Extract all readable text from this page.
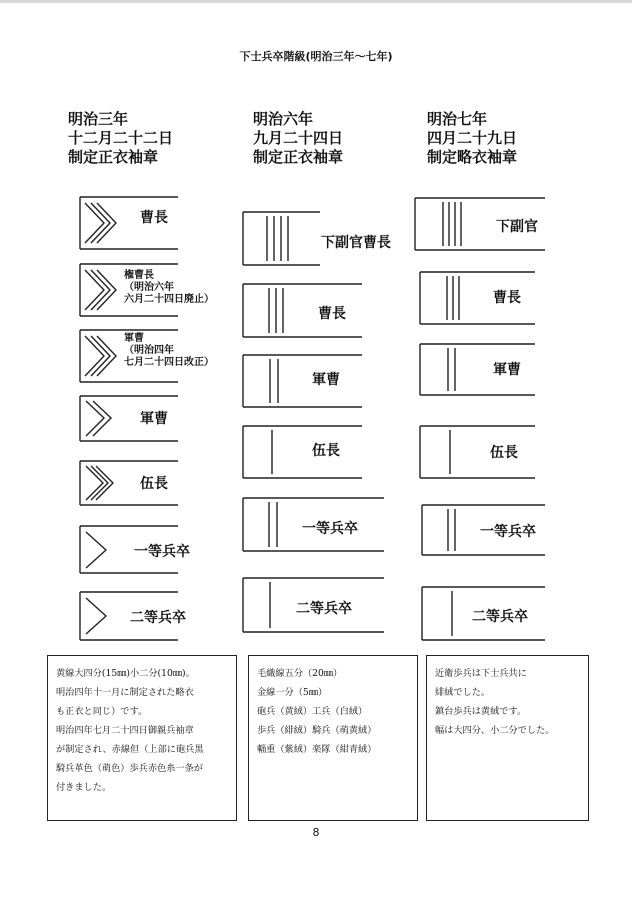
下士兵卒階級(明治三年～七年)
明治三年
十二月二十二日
制定正衣袖章
明治六年
九月二十四日
制定正衣袖章
明治七年
四月二十九日
制定略衣袖章
曹長
権曹長
（明治六年
六月二十四日廃止）
軍曹
（明治四年
七月二十四日改正）
軍曹
伍長
一等兵卒
二等兵卒
下副官曹長
曹長
軍曹
伍長
一等兵卒
二等兵卒
下副官
曹長
軍曹
伍長
一等兵卒
二等兵卒

黄線大四分(15㎜)小二分(10㎜)。

明治四年十一月に制定された略衣

も正衣と同じ）です。

明治四年七月二十四日御親兵袖章

が制定され、赤線但（上部に砲兵黒

騎兵革色（萌色）歩兵赤色糸一条が

付きました。

毛織線五分（20㎜）

金線一分（5㎜）

砲兵（黄絨）工兵（白絨）

歩兵（緋絨）騎兵（萌黄絨）

輜重（紫絨）楽隊（紺青絨）

近衛歩兵は下士兵共に

緋絨でした。

鎮台歩兵は黄絨です。

幅は大四分、小二分でした。

8
